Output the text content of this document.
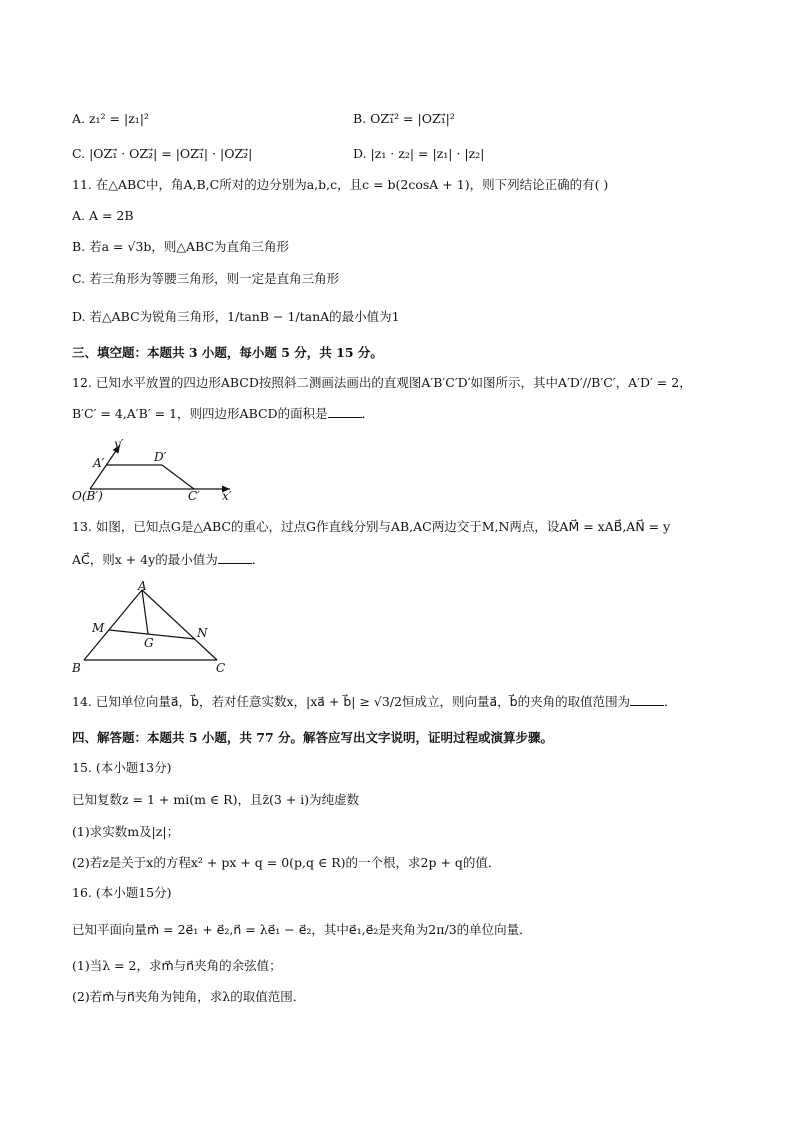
A. z₁² = |z₁|²	B. OZ₁⃗² = |OZ₁⃗|²
C. |OZ₁⃗ · OZ₂⃗| = |OZ₁⃗| · |OZ₂⃗|	D. |z₁ · z₂| = |z₁| · |z₂|
11. 在△ABC中，角A,B,C所对的边分别为a,b,c，且c = b(2cosA + 1)，则下列结论正确的有( )
A. A = 2B
B. 若a = √3b，则△ABC为直角三角形
C. 若三角形为等腰三角形，则一定是直角三角形
D. 若△ABC为锐角三角形，1/tanB − 1/tanA的最小值为1
三、填空题：本题共 3 小题，每小题 5 分，共 15 分。
12. 已知水平放置的四边形ABCD按照斜二测画法画出的直观图A′B′C′D′如图所示，其中A′D′//B′C′，A′D′ = 2，
B′C′ = 4,A′B′ = 1，则四边形ABCD的面积是	．
y′
A′	D′
O(B′)	C′ x′
13. 如图，已知点G是△ABC的重心，过点G作直线分别与AB,AC两边交于M,N两点，设AM⃗ = xAB⃗,AN⃗ = y
AC⃗，则x + 4y的最小值为	．
A
M	N
G
B	C
14. 已知单位向量a⃗，b⃗，若对任意实数x，|xa⃗ + b⃗| ≥ √3/2恒成立，则向量a⃗，b⃗的夹角的取值范围为	．
四、解答题：本题共 5 小题，共 77 分。解答应写出文字说明，证明过程或演算步骤。
15. (本小题13分)
已知复数z = 1 + mi(m ∈ R)，且z̄(3 + i)为纯虚数
(1)求实数m及|z|；
(2)若z是关于x的方程x² + px + q = 0(p,q ∈ R)的一个根，求2p + q的值．
16. (本小题15分)
已知平面向量m⃗ = 2e⃗₁ + e⃗₂,n⃗ = λe⃗₁ − e⃗₂，其中e⃗₁,e⃗₂是夹角为2π/3的单位向量．
(1)当λ = 2，求m⃗与n⃗夹角的余弦值；
(2)若m⃗与n⃗夹角为钝角，求λ的取值范围．
